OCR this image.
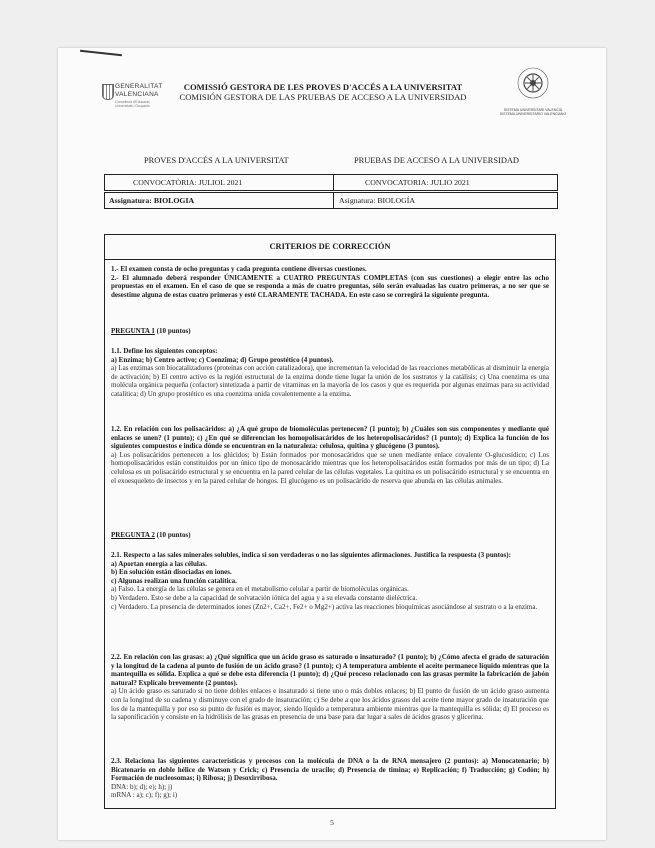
GENERALITAT
VALENCIANA
Conselleria d'Educació, Universitats i Ocupació
COMISSIÓ GESTORA DE LES PROVES D'ACCÉS A LA UNIVERSITAT
COMISIÓN GESTORA DE LAS PRUEBAS DE ACCESO A LA UNIVERSIDAD
SISTEMA UNIVERSITARI VALENCIÀ
SISTEMA UNIVERSITARIO VALENCIANO
PROVES D'ACCÉS A LA UNIVERSITAT	PRUEBAS DE ACCESO A LA UNIVERSIDAD
CONVOCATÒRIA: JULIOL 2021	CONVOCATORIA: JULIO 2021
Assignatura: BIOLOGIA	Asignatura: BIOLOGÍA
CRITERIOS DE CORRECCIÓN

1.- El examen consta de ocho preguntas y cada pregunta contiene diversas cuestiones.

2.- El alumnado deberá responder ÚNICAMENTE a CUATRO PREGUNTAS COMPLETAS (con sus cuestiones) a elegir entre las ocho propuestas en el examen. En el caso de que se responda a más de cuatro preguntas, sólo serán evaluadas las cuatro primeras, a no ser que se desestime alguna de estas cuatro primeras y esté CLARAMENTE TACHADA. En este caso se corregirá la siguiente pregunta.

PREGUNTA 1 (10 puntos)

1.1. Define los siguientes conceptos:

a) Enzima; b) Centro activo; c) Coenzima; d) Grupo prostético (4 puntos).

a) Las enzimas son biocatalizadores (proteínas con acción catalizadora), que incrementan la velocidad de las reacciones metabólicas al disminuir la energía de activación; b) El centro activo es la región estructural de la enzima donde tiene lugar la unión de los sustratos y la catálisis; c) Una coenzima es una molécula orgánica pequeña (cofactor) sintetizada a partir de vitaminas en la mayoría de los casos y que es requerida por algunas enzimas para su actividad catalítica; d) Un grupo prostético es una coenzima unida covalentemente a la enzima.

1.2. En relación con los polisacáridos: a) ¿A qué grupo de biomoléculas pertenecen? (1 punto); b) ¿Cuáles son sus componentes y mediante qué enlaces se unen? (1 punto); c) ¿En qué se diferencian los homopolisacáridos de los heteropolisacáridos? (1 punto); d) Explica la función de los siguientes compuestos e indica dónde se encuentran en la naturaleza: celulosa, quitina y glucógeno (3 puntos).

a) Los polisacáridos pertenecen a los glúcidos; b) Están formados por monosacáridos que se unen mediante enlace covalente O-glucosídico; c) Los homopolisacáridos están constituidos por un único tipo de monosacárido mientras que los heteropolisacáridos están formados por más de un tipo; d) La celulosa es un polisacárido estructural y se encuentra en la pared celular de las células vegetales. La quitina es un polisacárido estructural y se encuentra en el exoesqueleto de insectos y en la pared celular de hongos. El glucógeno es un polisacárido de reserva que abunda en las células animales.

PREGUNTA 2 (10 puntos)

2.1. Respecto a las sales minerales solubles, indica si son verdaderas o no las siguientes afirmaciones. Justifica la respuesta (3 puntos):

a) Aportan energía a las células.

b) En solución están disociadas en iones.

c) Algunas realizan una función catalítica.

a) Falso. La energía de las células se genera en el metabolismo celular a partir de biomoléculas orgánicas.

b) Verdadero. Esto se debe a la capacidad de solvatación iónica del agua y a su elevada constante dieléctrica.

c) Verdadero. La presencia de determinados iones (Zn2+, Ca2+, Fe2+ o Mg2+) activa las reacciones bioquímicas asociándose al sustrato o a la enzima.

2.2. En relación con las grasas: a) ¿Qué significa que un ácido graso es saturado o insaturado? (1 punto); b) ¿Cómo afecta el grado de saturación y la longitud de la cadena al punto de fusión de un ácido graso? (1 punto); c) A temperatura ambiente el aceite permanece líquido mientras que la mantequilla es sólida. Explica a qué se debe esta diferencia (1 punto); d) ¿Qué proceso relacionado con las grasas permite la fabricación de jabón natural? Explícalo brevemente (2 puntos).

a) Un ácido graso es saturado si no tiene dobles enlaces e insaturado si tiene uno o más dobles enlaces; b) El punto de fusión de un ácido graso aumenta con la longitud de su cadena y disminuye con el grado de insaturación; c) Se debe a que los ácidos grasos del aceite tiene mayor grado de insaturación que los de la mantequilla y por eso su punto de fusión es mayor, siendo líquido a temperatura ambiente mientras que la mantequilla es sólida; d) El proceso es la saponificación y consiste en la hidrólisis de las grasas en presencia de una base para dar lugar a sales de ácidos grasos y glicerina.

2.3. Relaciona las siguientes características y procesos con la molécula de DNA o la de RNA mensajero (2 puntos): a) Monocatenario; b) Bicatenario en doble hélice de Watson y Crick; c) Presencia de uracilo; d) Presencia de timina; e) Replicación; f) Traducción; g) Codón; h) Formación de nucleosomas; i) Ribosa; j) Desoxirribosa.

DNA: b); d); e); h); j)

mRNA : a); c); f); g); i)

5
